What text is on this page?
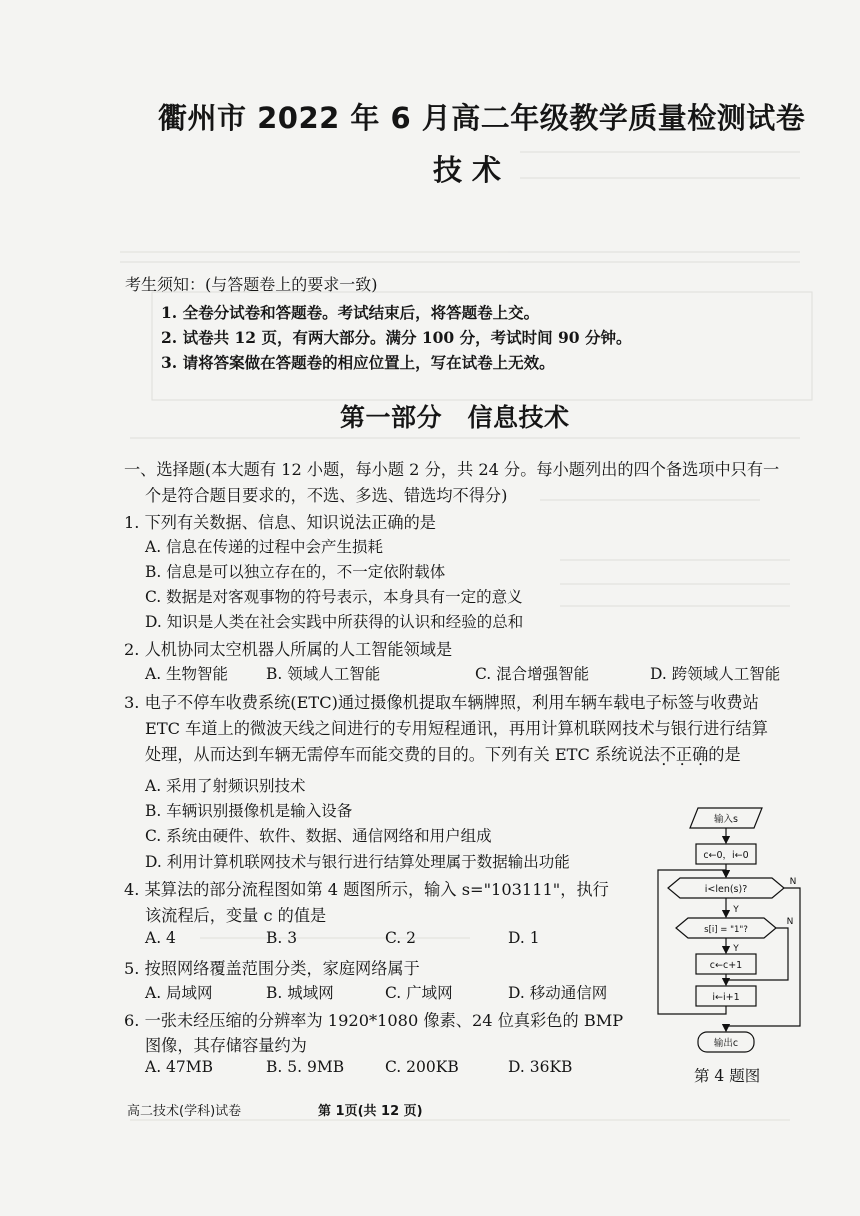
衢州市 2022 年 6 月高二年级教学质量检测试卷
技术
考生须知：(与答题卷上的要求一致)
1. 全卷分试卷和答题卷。考试结束后，将答题卷上交。
2. 试卷共 12 页，有两大部分。满分 100 分，考试时间 90 分钟。
3. 请将答案做在答题卷的相应位置上，写在试卷上无效。
第一部分　信息技术
一、选择题(本大题有 12 小题，每小题 2 分，共 24 分。每小题列出的四个备选项中只有一
个是符合题目要求的，不选、多选、错选均不得分)
1. 下列有关数据、信息、知识说法正确的是
A. 信息在传递的过程中会产生损耗
B. 信息是可以独立存在的，不一定依附载体
C. 数据是对客观事物的符号表示，本身具有一定的意义
D. 知识是人类在社会实践中所获得的认识和经验的总和
2. 人机协同太空机器人所属的人工智能领域是
A. 生物智能 B. 领域人工智能	C. 混合增强智能	D. 跨领域人工智能
3. 电子不停车收费系统(ETC)通过摄像机提取车辆牌照，利用车辆车载电子标签与收费站
ETC 车道上的微波天线之间进行的专用短程通讯，再用计算机联网技术与银行进行结算
处理，从而达到车辆无需停车而能交费的目的。下列有关 ETC 系统说法不正确 • • •的是
A. 采用了射频识别技术
B. 车辆识别摄像机是输入设备
C. 系统由硬件、软件、数据、通信网络和用户组成
D. 利用计算机联网技术与银行进行结算处理属于数据输出功能
4. 某算法的部分流程图如第 4 题图所示，输入 s="103111"，执行
该流程后，变量 c 的值是
A. 4	B. 3	C. 2	D. 1
5. 按照网络覆盖范围分类，家庭网络属于
A. 局域网	B. 城域网	C. 广域网	D. 移动通信网
6. 一张未经压缩的分辨率为 1920*1080 像素、24 位真彩色的 BMP
图像，其存储容量约为
A. 47MB	B. 5. 9MB	C. 200KB	D. 36KB
输入s
c←0，i←0
i<len(s)?
s[i] = "1"?
c←c+1
i←i+1
输出c
Y
Y
N
N
第 4 题图
高二技术(学科)试卷	第 1页(共 12 页)
